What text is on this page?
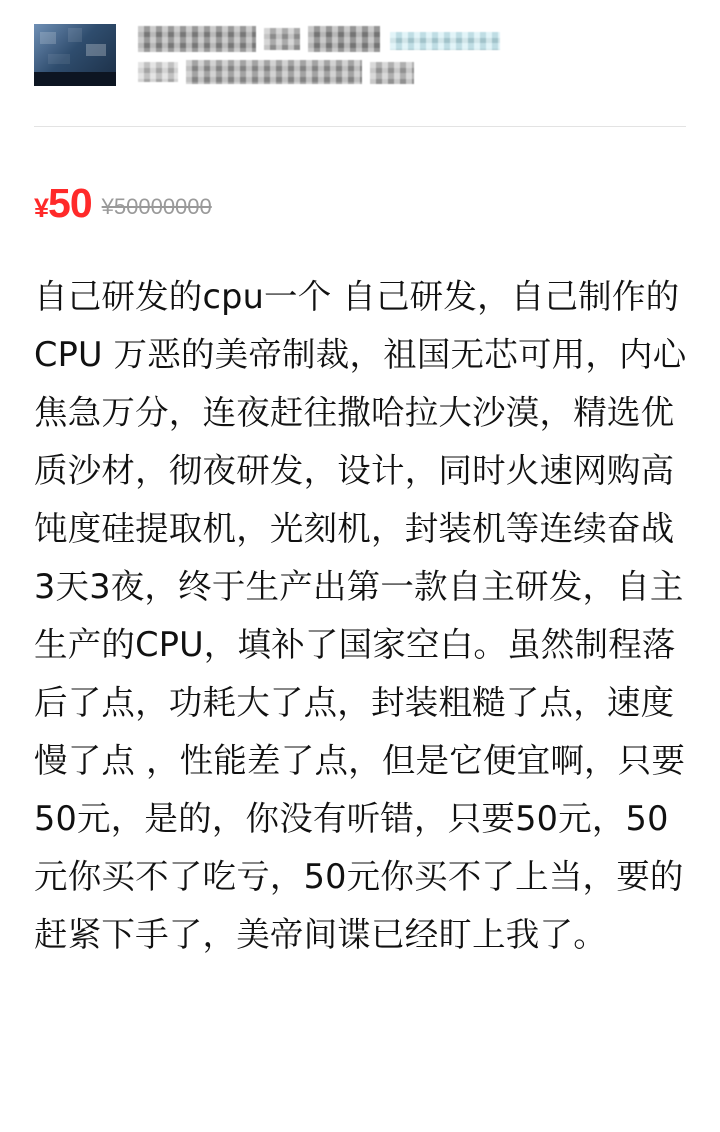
¥ 50 ¥50000000
自己研发的cpu一个 自己研发，自己制作的CPU 万恶的美帝制裁，祖国无芯可用，内心焦急万分，连夜赶往撒哈拉大沙漠，精选优质沙材，彻夜研发，设计，同时火速网购高饨度硅提取机，光刻机，封装机等连续奋战3天3夜，终于生产出第一款自主研发，自主生产的CPU，填补了国家空白。虽然制程落后了点，功耗大了点，封装粗糙了点，速度慢了点 ，性能差了点，但是它便宜啊，只要50元，是的，你没有听错，只要50元，50元你买不了吃亏，50元你买不了上当，要的赶紧下手了，美帝间谍已经盯上我了。
